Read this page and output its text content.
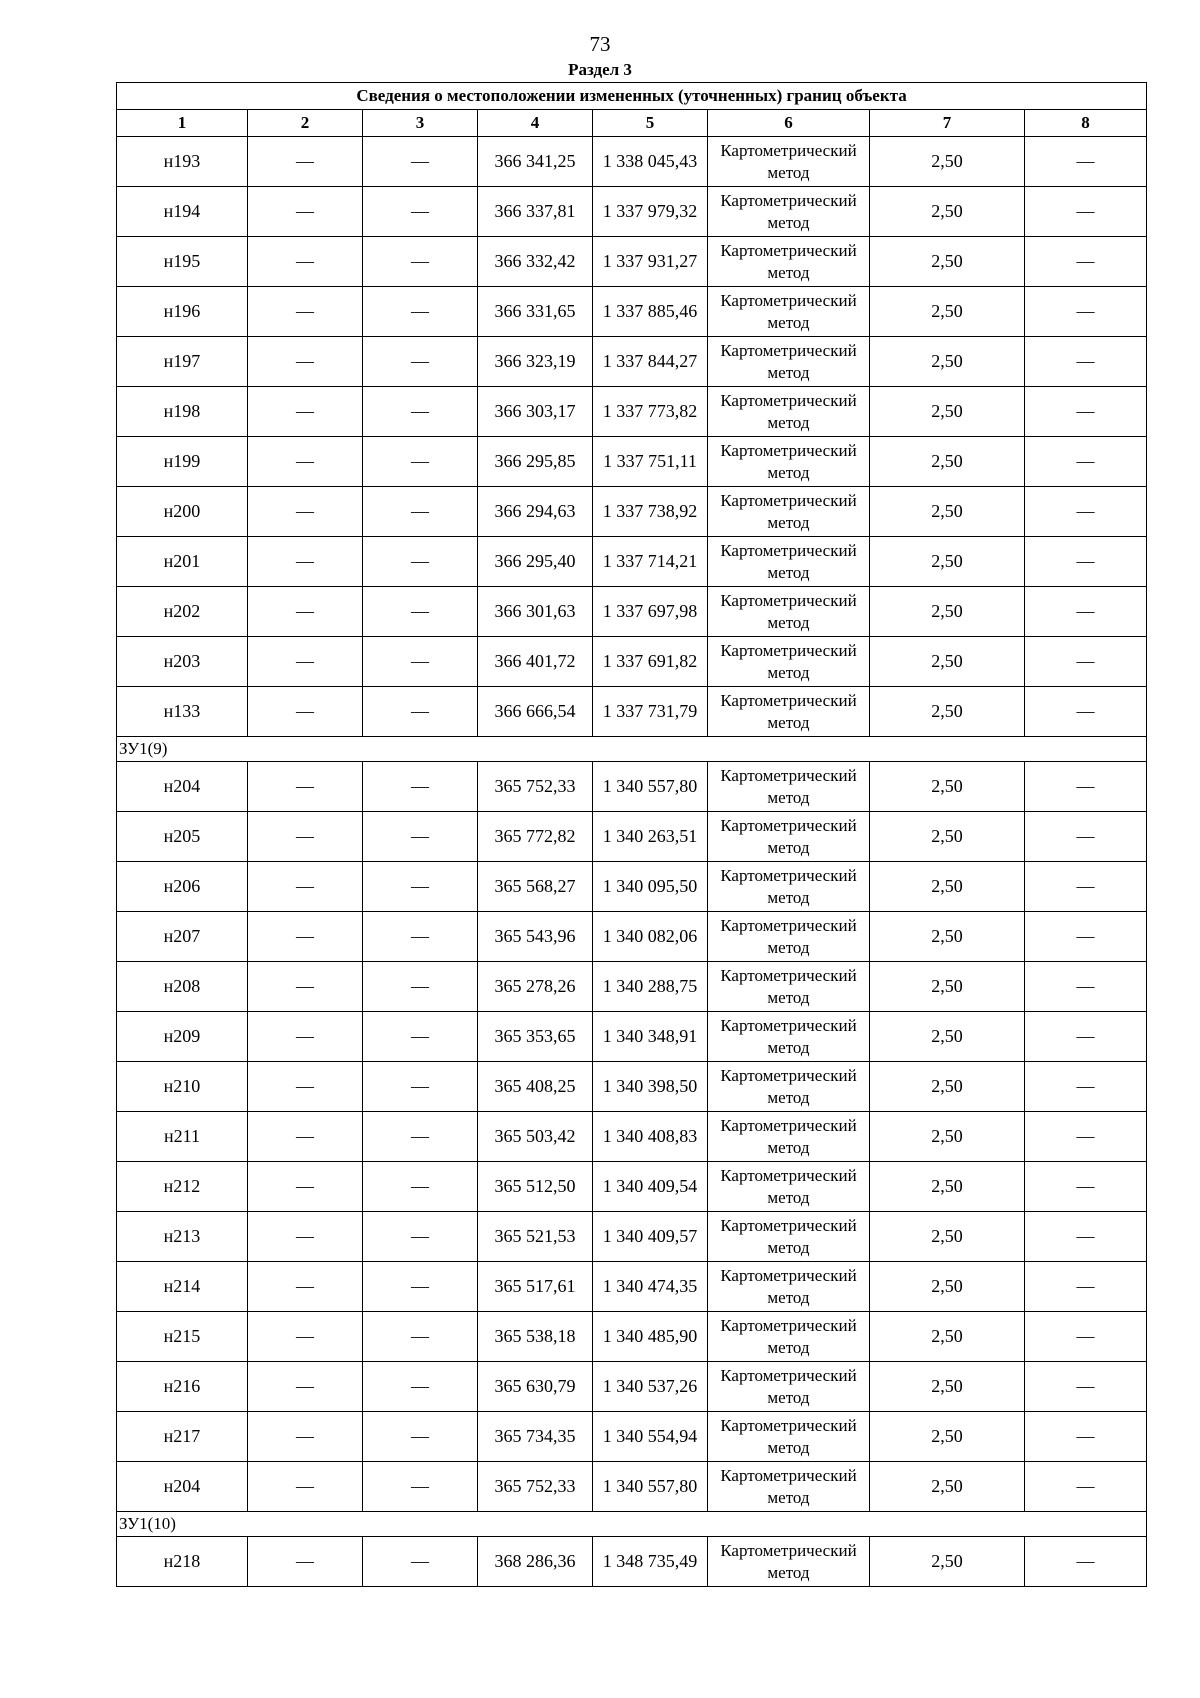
73
Раздел 3
Сведения о местоположении измененных (уточненных) границ объекта							
1	2	3	4	5	6	7	8
н193	—	—	366 341,25	1 338 045,43	Картометрический метод	2,50	—
н194	—	—	366 337,81	1 337 979,32	Картометрический метод	2,50	—
н195	—	—	366 332,42	1 337 931,27	Картометрический метод	2,50	—
н196	—	—	366 331,65	1 337 885,46	Картометрический метод	2,50	—
н197	—	—	366 323,19	1 337 844,27	Картометрический метод	2,50	—
н198	—	—	366 303,17	1 337 773,82	Картометрический метод	2,50	—
н199	—	—	366 295,85	1 337 751,11	Картометрический метод	2,50	—
н200	—	—	366 294,63	1 337 738,92	Картометрический метод	2,50	—
н201	—	—	366 295,40	1 337 714,21	Картометрический метод	2,50	—
н202	—	—	366 301,63	1 337 697,98	Картометрический метод	2,50	—
н203	—	—	366 401,72	1 337 691,82	Картометрический метод	2,50	—
н133	—	—	366 666,54	1 337 731,79	Картометрический метод	2,50	—
ЗУ1(9)							
н204	—	—	365 752,33	1 340 557,80	Картометрический метод	2,50	—
н205	—	—	365 772,82	1 340 263,51	Картометрический метод	2,50	—
н206	—	—	365 568,27	1 340 095,50	Картометрический метод	2,50	—
н207	—	—	365 543,96	1 340 082,06	Картометрический метод	2,50	—
н208	—	—	365 278,26	1 340 288,75	Картометрический метод	2,50	—
н209	—	—	365 353,65	1 340 348,91	Картометрический метод	2,50	—
н210	—	—	365 408,25	1 340 398,50	Картометрический метод	2,50	—
н211	—	—	365 503,42	1 340 408,83	Картометрический метод	2,50	—
н212	—	—	365 512,50	1 340 409,54	Картометрический метод	2,50	—
н213	—	—	365 521,53	1 340 409,57	Картометрический метод	2,50	—
н214	—	—	365 517,61	1 340 474,35	Картометрический метод	2,50	—
н215	—	—	365 538,18	1 340 485,90	Картометрический метод	2,50	—
н216	—	—	365 630,79	1 340 537,26	Картометрический метод	2,50	—
н217	—	—	365 734,35	1 340 554,94	Картометрический метод	2,50	—
н204	—	—	365 752,33	1 340 557,80	Картометрический метод	2,50	—
ЗУ1(10)							
н218	—	—	368 286,36	1 348 735,49	Картометрический метод	2,50	—
